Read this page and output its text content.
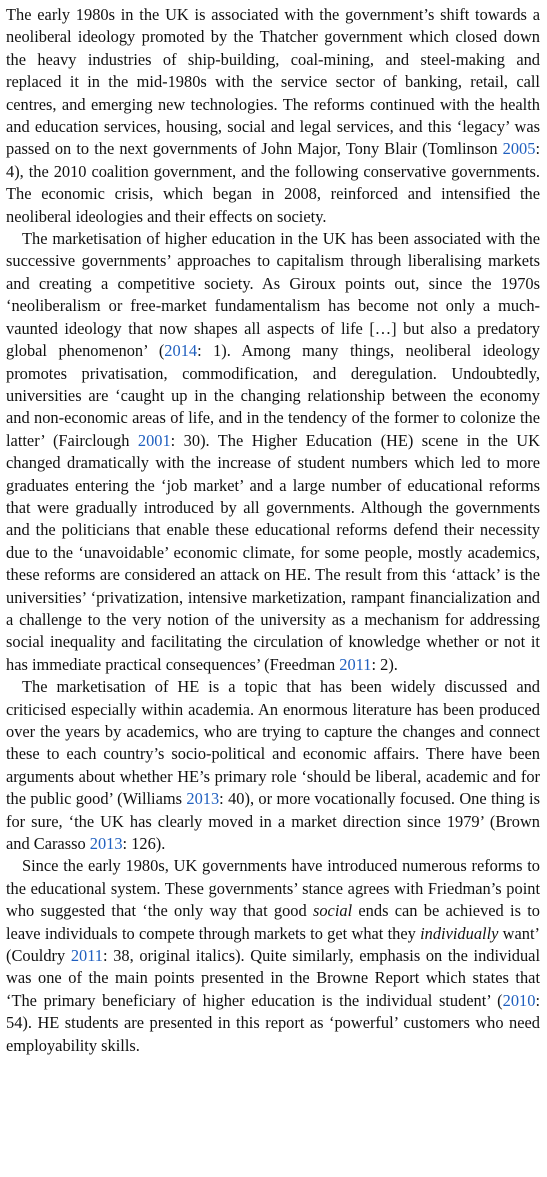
The early 1980s in the UK is associated with the government’s shift towards a neoliberal ideology promoted by the Thatcher government which closed down the heavy industries of ship-building, coal-mining, and steel-making and replaced it in the mid-1980s with the service sector of banking, retail, call centres, and emerging new technologies. The reforms continued with the health and education services, housing, social and legal services, and this ‘legacy’ was passed on to the next governments of John Major, Tony Blair (Tomlinson 2005: 4), the 2010 coalition government, and the following conservative governments. The economic crisis, which began in 2008, reinforced and intensified the neoliberal ideologies and their effects on society.

The marketisation of higher education in the UK has been associated with the successive governments’ approaches to capitalism through liberalising markets and creating a competitive society. As Giroux points out, since the 1970s ‘neoliberalism or free-market fundamentalism has become not only a much-vaunted ideology that now shapes all aspects of life […] but also a predatory global phenomenon’ (2014: 1). Among many things, neoliberal ideology promotes privatisation, commodification, and deregulation. Undoubtedly, universities are ‘caught up in the changing relationship between the economy and non-economic areas of life, and in the tendency of the former to colonize the latter’ (Fairclough 2001: 30). The Higher Education (HE) scene in the UK changed dramatically with the increase of student numbers which led to more graduates entering the ‘job market’ and a large number of educational reforms that were gradually introduced by all governments. Although the governments and the politicians that enable these educational reforms defend their necessity due to the ‘unavoidable’ economic climate, for some people, mostly academics, these reforms are considered an attack on HE. The result from this ‘attack’ is the universities’ ‘privatization, intensive marketization, rampant financialization and a challenge to the very notion of the university as a mechanism for addressing social inequality and facilitating the circulation of knowledge whether or not it has immediate practical consequences’ (Freedman 2011: 2).

The marketisation of HE is a topic that has been widely discussed and criticised especially within academia. An enormous literature has been produced over the years by academics, who are trying to capture the changes and connect these to each country’s socio-political and economic affairs. There have been arguments about whether HE’s primary role ‘should be liberal, academic and for the public good’ (Williams 2013: 40), or more vocationally focused. One thing is for sure, ‘the UK has clearly moved in a market direction since 1979’ (Brown and Carasso 2013: 126).

Since the early 1980s, UK governments have introduced numerous reforms to the educational system. These governments’ stance agrees with Friedman’s point who suggested that ‘the only way that good social ends can be achieved is to leave individuals to compete through markets to get what they individually want’ (Couldry 2011: 38, original italics). Quite similarly, emphasis on the individual was one of the main points presented in the Browne Report which states that ‘The primary beneficiary of higher education is the individual student’ (2010: 54). HE students are presented in this report as ‘powerful’ customers who need employability skills.
